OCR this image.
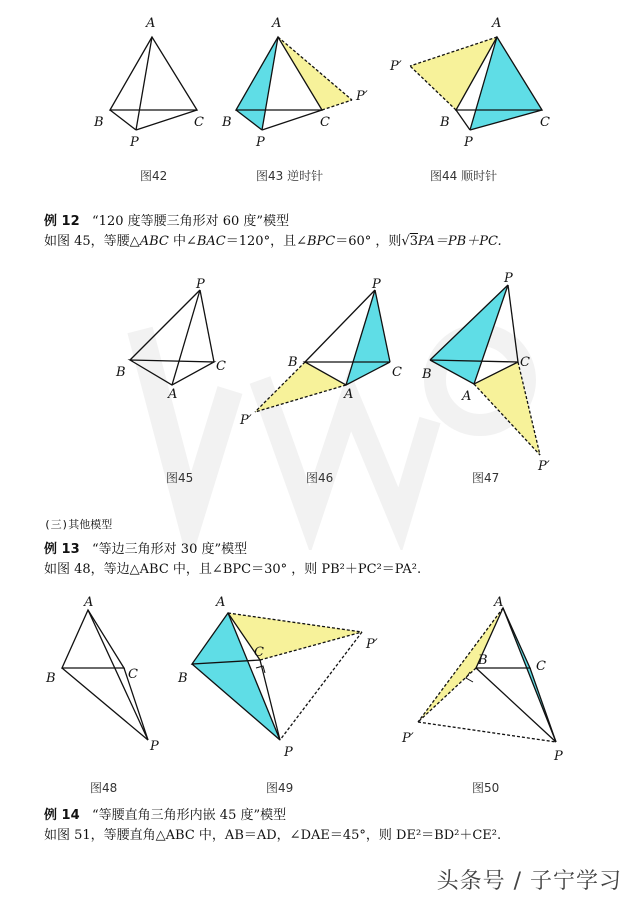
A
B	C
P
图42
A
B	C
P
P′
图43 逆时针
A
B	C
P
P′
图44 顺时针
P
B	C
A
图45
P
B
C
A
P′
图46
P
B
C
A
P′
图47
A
B	C
P
图48
A
B
C
P
P′
图49
A
B	C
P
P′
图50
例 12 “120 度等腰三角形对 60 度”模型
如图 45，等腰△ABC 中∠BAC＝120°，且∠BPC＝60° ，则√3PA＝PB＋PC.
(三)其他模型
例 13 “等边三角形对 30 度”模型
如图 48，等边△ABC 中，且∠BPC＝30° ，则 PB²＋PC²＝PA².
例 14 “等腰直角三角形内嵌 45 度”模型
如图 51，等腰直角△ABC 中，AB＝AD，∠DAE＝45°，则 DE²＝BD²＋CE².
头条号 / 子宁学习
